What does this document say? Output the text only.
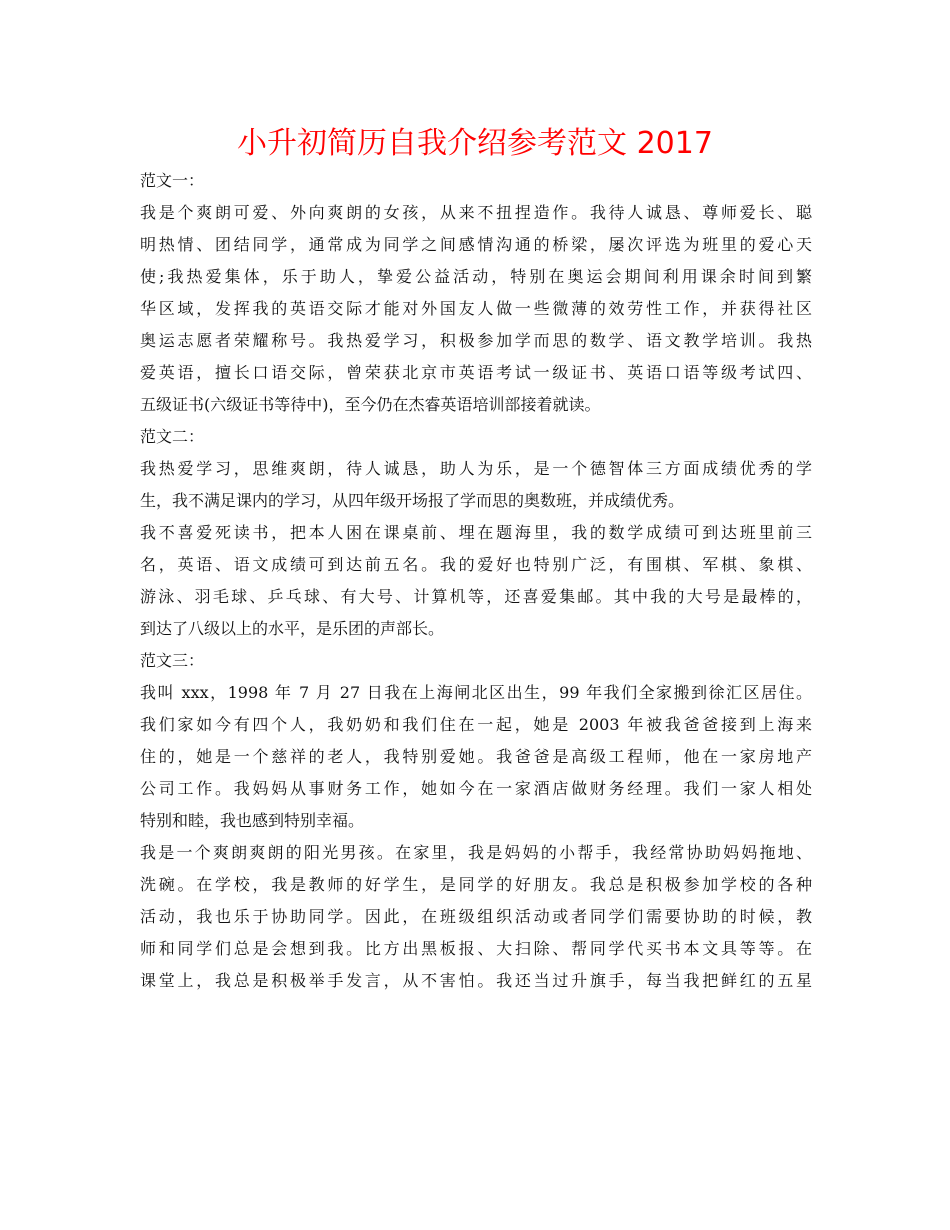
小升初简历自我介绍参考范文 2017
范文一：

我是个爽朗可爱、外向爽朗的女孩，从来不扭捏造作。我待人诚恳、尊师爱长、聪
明热情、团结同学，通常成为同学之间感情沟通的桥梁，屡次评选为班里的爱心天
使;我热爱集体，乐于助人，挚爱公益活动，特别在奥运会期间利用课余时间到繁
华区域，发挥我的英语交际才能对外国友人做一些微薄的效劳性工作，并获得社区
奥运志愿者荣耀称号。我热爱学习，积极参加学而思的数学、语文教学培训。我热
爱英语，擅长口语交际，曾荣获北京市英语考试一级证书、英语口语等级考试四、
五级证书(六级证书等待中)，至今仍在杰睿英语培训部接着就读。

范文二：

我热爱学习，思维爽朗，待人诚恳，助人为乐，是一个德智体三方面成绩优秀的学
生，我不满足课内的学习，从四年级开场报了学而思的奥数班，并成绩优秀。

我不喜爱死读书，把本人困在课桌前、埋在题海里，我的数学成绩可到达班里前三
名，英语、语文成绩可到达前五名。我的爱好也特别广泛，有围棋、军棋、象棋、
游泳、羽毛球、乒乓球、有大号、计算机等，还喜爱集邮。其中我的大号是最棒的，
到达了八级以上的水平，是乐团的声部长。

范文三：

我叫 xxx，1998 年 7 月 27 日我在上海闸北区出生，99 年我们全家搬到徐汇区居住。
我们家如今有四个人，我奶奶和我们住在一起，她是 2003 年被我爸爸接到上海来
住的，她是一个慈祥的老人，我特别爱她。我爸爸是高级工程师，他在一家房地产
公司工作。我妈妈从事财务工作，她如今在一家酒店做财务经理。我们一家人相处
特别和睦，我也感到特别幸福。

我是一个爽朗爽朗的阳光男孩。在家里，我是妈妈的小帮手，我经常协助妈妈拖地、
洗碗。在学校，我是教师的好学生，是同学的好朋友。我总是积极参加学校的各种
活动，我也乐于协助同学。因此，在班级组织活动或者同学们需要协助的时候，教
师和同学们总是会想到我。比方出黑板报、大扫除、帮同学代买书本文具等等。在
课堂上，我总是积极举手发言，从不害怕。我还当过升旗手，每当我把鲜红的五星
